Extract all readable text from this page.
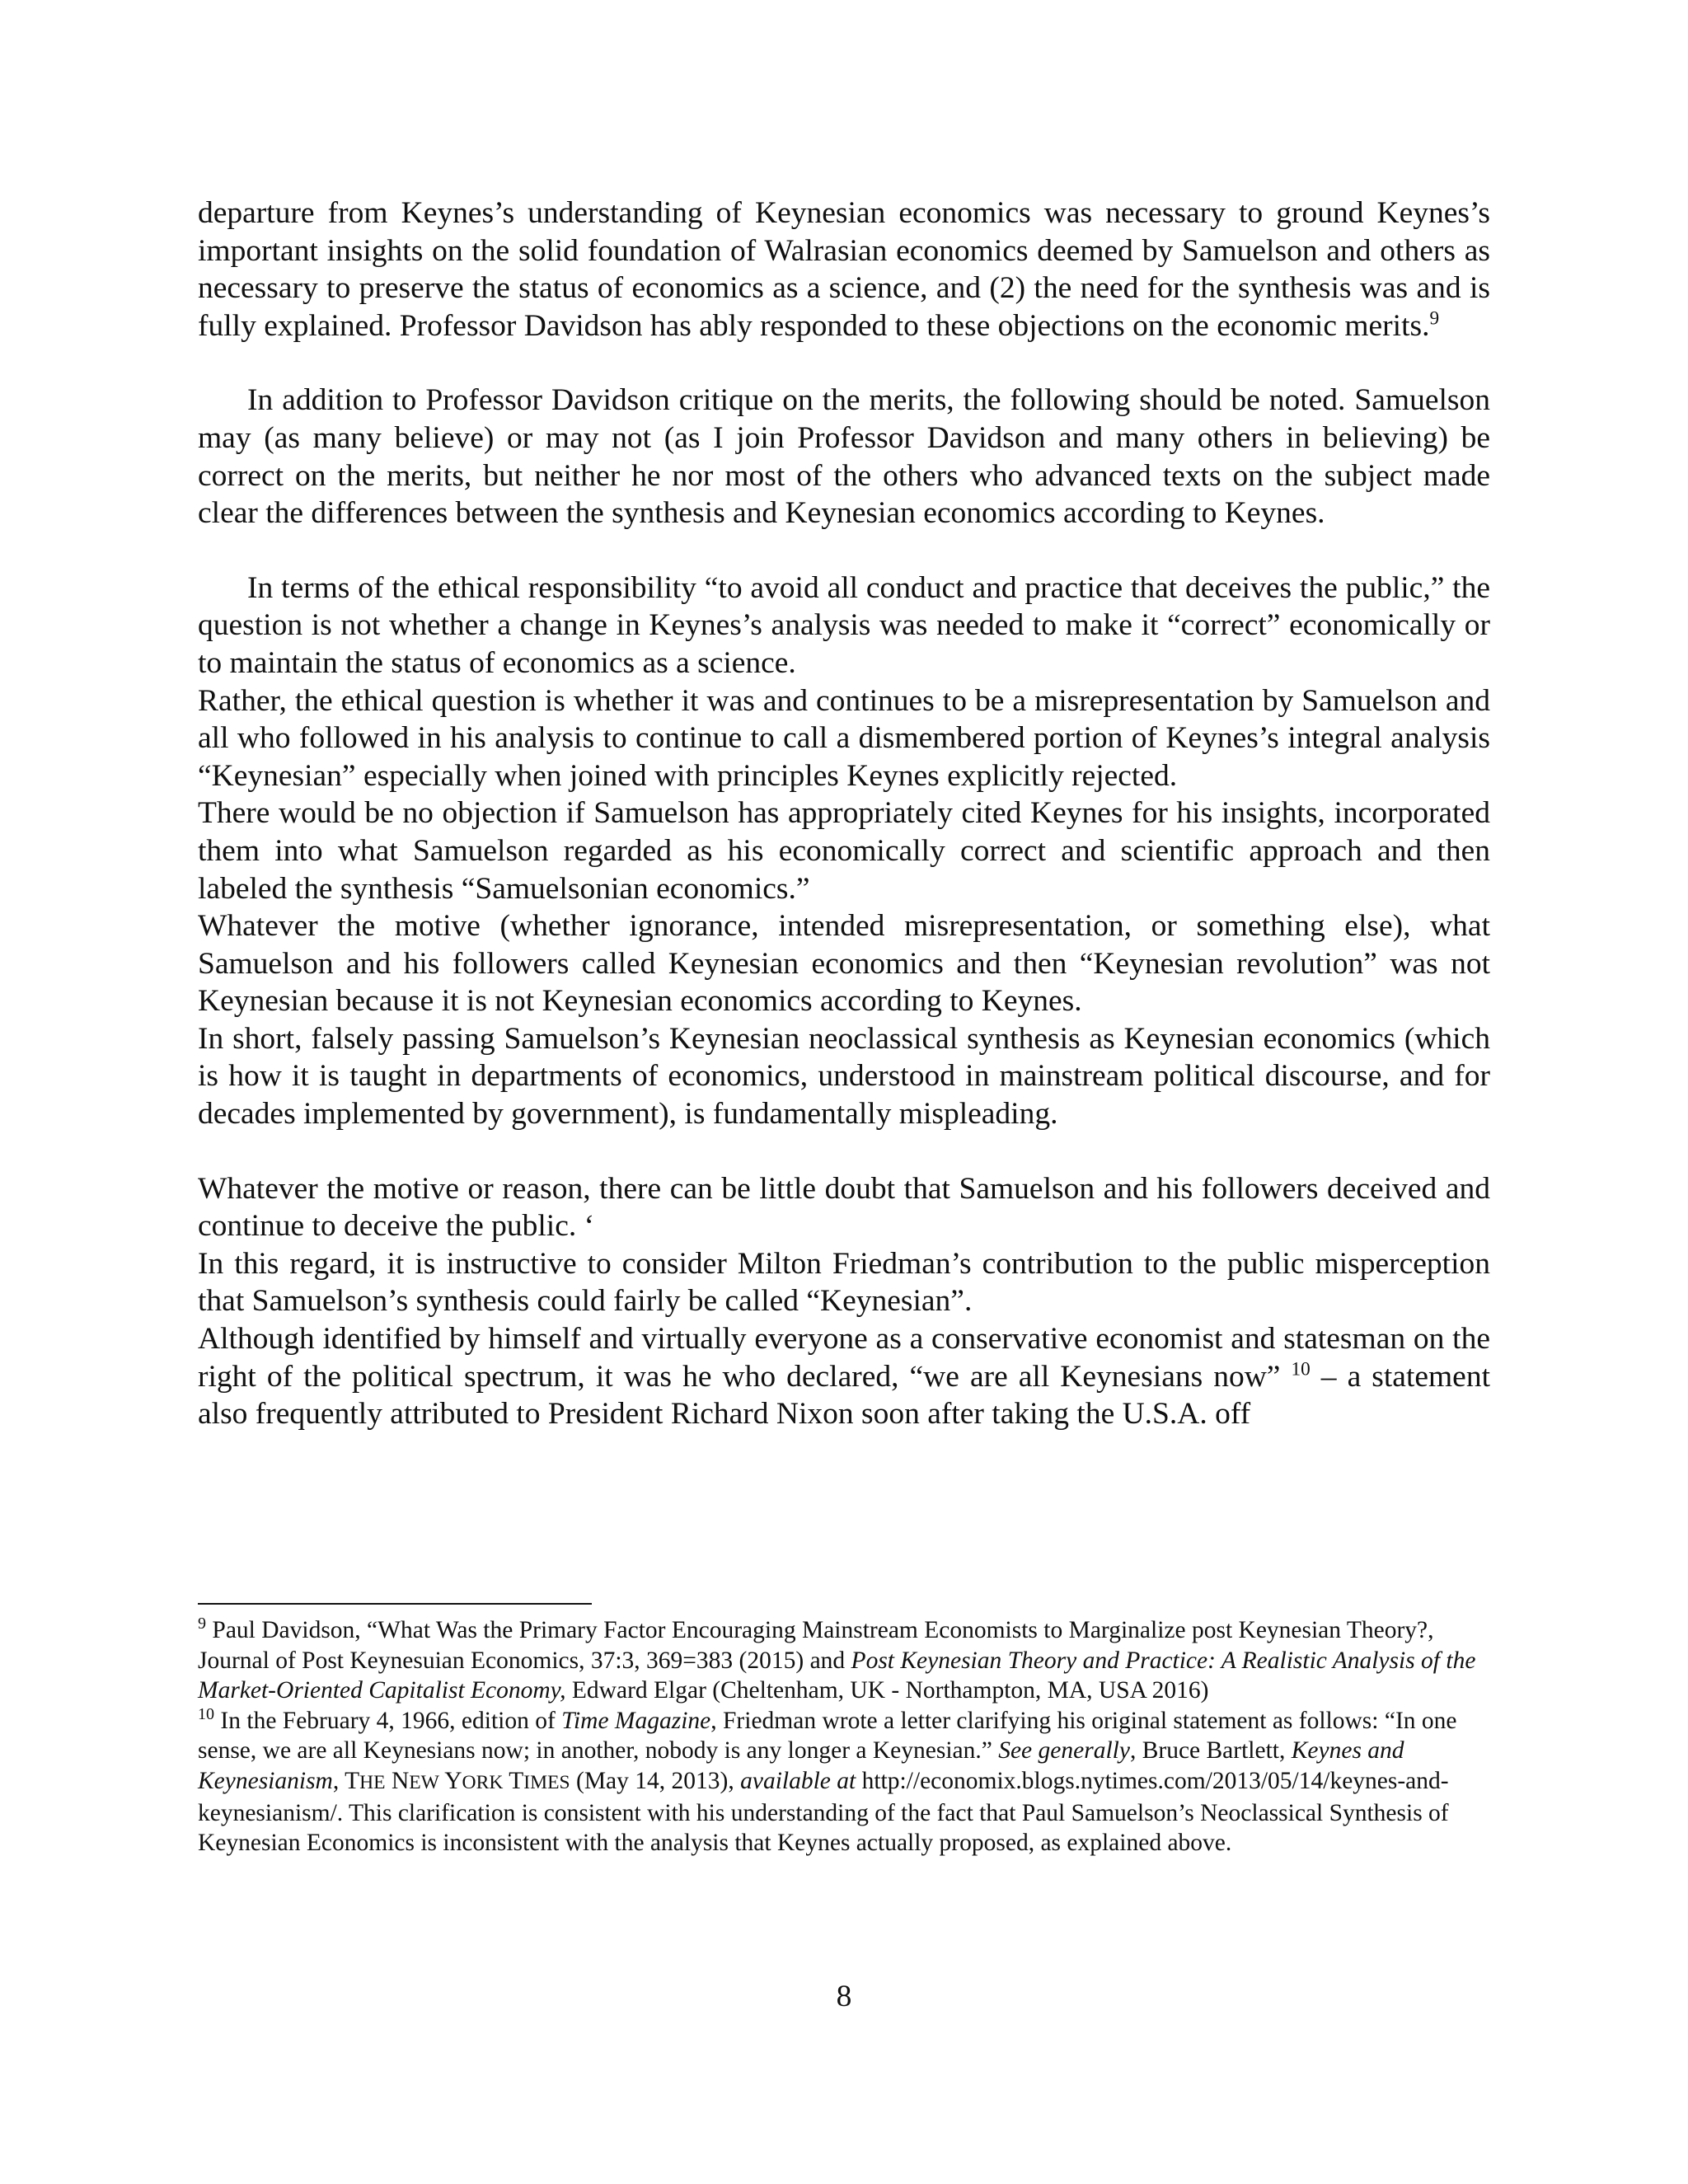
departure from Keynes’s understanding of Keynesian economics was necessary to ground Keynes’s important insights on the solid foundation of Walrasian economics deemed by Samuelson and others as necessary to preserve the status of economics as a science, and (2) the need for the synthesis was and is fully explained. Professor Davidson has ably responded to these objections on the economic merits.$^9$

In addition to Professor Davidson critique on the merits, the following should be noted. Samuelson may (as many believe) or may not (as I join Professor Davidson and many others in believing) be correct on the merits, but neither he nor most of the others who advanced texts on the subject made clear the differences between the synthesis and Keynesian economics according to Keynes.

In terms of the ethical responsibility “to avoid all conduct and practice that deceives the public,” the question is not whether a change in Keynes’s analysis was needed to make it “correct” economically or to maintain the status of economics as a science.

Rather, the ethical question is whether it was and continues to be a misrepresentation by Samuelson and all who followed in his analysis to continue to call a dismembered portion of Keynes’s integral analysis “Keynesian” especially when joined with principles Keynes explicitly rejected.

There would be no objection if Samuelson has appropriately cited Keynes for his insights, incorporated them into what Samuelson regarded as his economically correct and scientific approach and then labeled the synthesis “Samuelsonian economics.”

Whatever the motive (whether ignorance, intended misrepresentation, or something else), what Samuelson and his followers called Keynesian economics and then “Keynesian revolution” was not Keynesian because it is not Keynesian economics according to Keynes.

In short, falsely passing Samuelson’s Keynesian neoclassical synthesis as Keynesian economics (which is how it is taught in departments of economics, understood in mainstream political discourse, and for decades implemented by government), is fundamentally mispleading.

Whatever the motive or reason, there can be little doubt that Samuelson and his followers deceived and continue to deceive the public. ‘

In this regard, it is instructive to consider Milton Friedman’s contribution to the public misperception that Samuelson’s synthesis could fairly be called “Keynesian”.

Although identified by himself and virtually everyone as a conservative economist and statesman on the right of the political spectrum, it was he who declared, “we are all Keynesians now” $^{10}$ – a statement also frequently attributed to President Richard Nixon soon after taking the U.S.A. off

$^9$ Paul Davidson, “What Was the Primary Factor Encouraging Mainstream Economists to Marginalize post Keynesian Theory?, Journal of Post Keynesuian Economics, 37:3, 369=383 (2015) and Post Keynesian Theory and Practice: A Realistic Analysis of the Market-Oriented Capitalist Economy, Edward Elgar (Cheltenham, UK - Northampton, MA, USA 2016)

$^{10}$ In the February 4, 1966, edition of Time Magazine, Friedman wrote a letter clarifying his original statement as follows: “In one sense, we are all Keynesians now; in another, nobody is any longer a Keynesian.” See generally, Bruce Bartlett, Keynes and Keynesianism, THE NEW YORK TIMES (May 14, 2013), available at http://economix.blogs.nytimes.com/2013/05/14/keynes-and-keynesianism/. This clarification is consistent with his understanding of the fact that Paul Samuelson’s Neoclassical Synthesis of Keynesian Economics is inconsistent with the analysis that Keynes actually proposed, as explained above.

8
